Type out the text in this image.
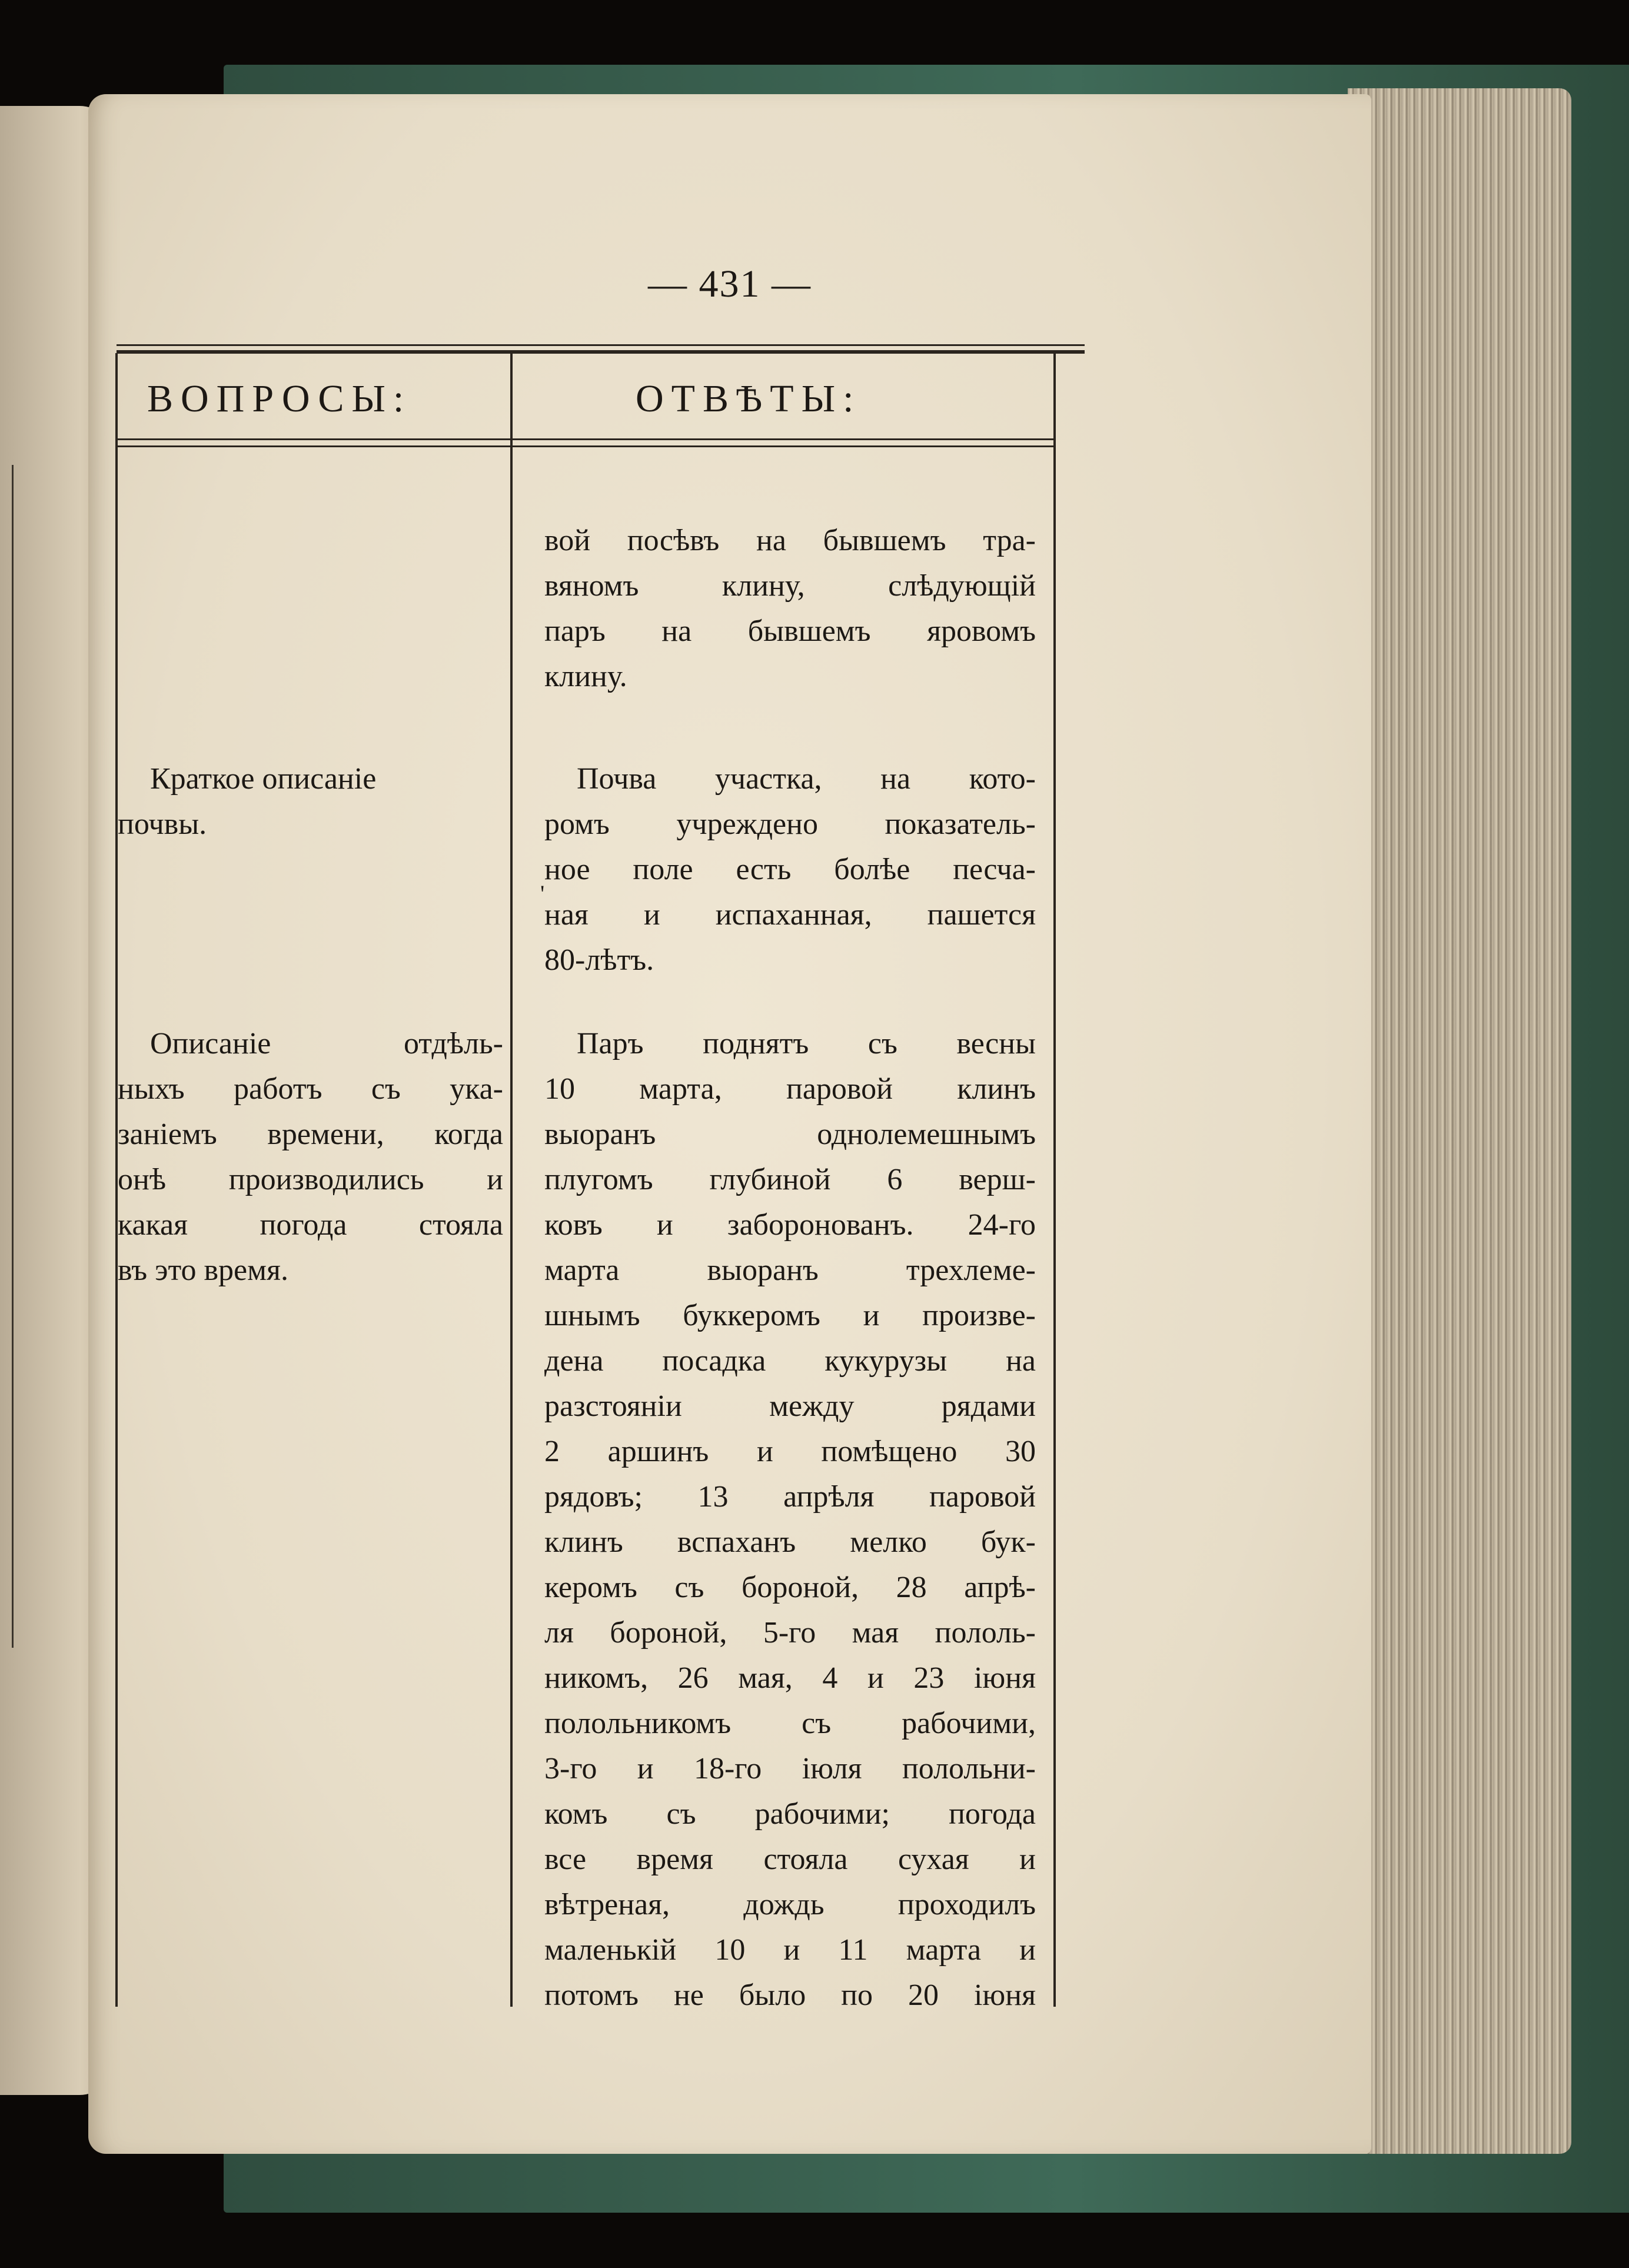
— 431 —
ВОПРОСЫ:	ОТВѢТЫ:
вой посѣвъ на бывшемъ тра-
вяномъ клину, слѣдующiй
паръ на бывшемъ яровомъ
клину.
Краткое описанiе
почвы.
Почва участка, на кото-
ромъ учреждено показатель-
ное поле есть болѣе песча-
ная и испаханная, пашется
80-лѣтъ.
'
Описанiе отдѣль-
ныхъ работъ съ ука-
занiемъ времени, когда
онѣ производились и
какая погода стояла
въ это время.
Паръ поднятъ съ весны
10 марта, паровой клинъ
выоранъ однолемешнымъ
плугомъ глубиной 6 верш-
ковъ и заборонованъ. 24-го
марта выоранъ трехлеме-
шнымъ буккеромъ и произве-
дена посадка кукурузы на
разстоянiи между рядами
2 аршинъ и помѣщено 30
рядовъ; 13 апрѣля паровой
клинъ вспаханъ мелко бук-
керомъ съ бороной, 28 апрѣ-
ля бороной, 5-го мая пололь-
никомъ, 26 мая, 4 и 23 iюня
полольникомъ съ рабочими,
3-го и 18-го iюля полольни-
комъ съ рабочими; погода
все время стояла сухая и
вѣтреная, дождь проходилъ
маленькiй 10 и 11 марта и
потомъ не было по 20 iюня
